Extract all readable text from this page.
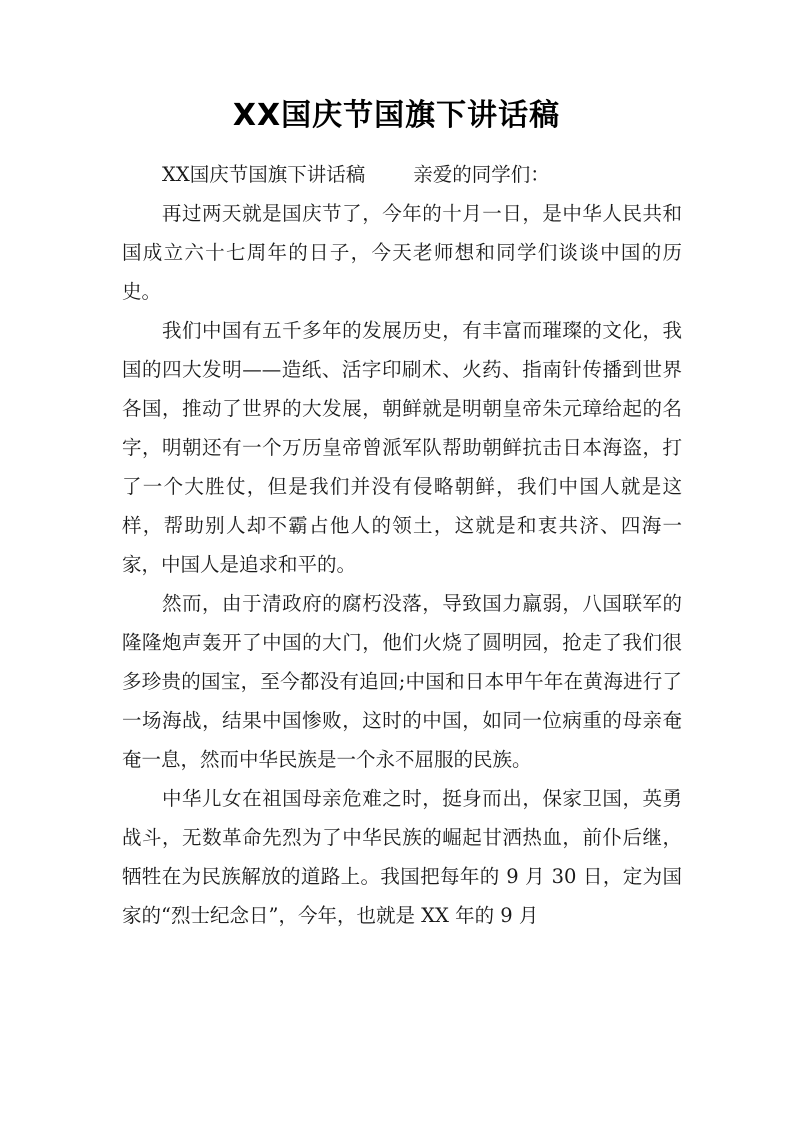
XX国庆节国旗下讲话稿

XX国庆节国旗下讲话稿 亲爱的同学们：

再过两天就是国庆节了，今年的十月一日，是中华人民共和国成立六十七周年的日子，今天老师想和同学们谈谈中国的历史。

我们中国有五千多年的发展历史，有丰富而璀璨的文化，我国的四大发明——造纸、活字印刷术、火药、指南针传播到世界各国，推动了世界的大发展，朝鲜就是明朝皇帝朱元璋给起的名字，明朝还有一个万历皇帝曾派军队帮助朝鲜抗击日本海盗，打了一个大胜仗，但是我们并没有侵略朝鲜，我们中国人就是这样，帮助别人却不霸占他人的领土，这就是和衷共济、四海一家，中国人是追求和平的。

然而，由于清政府的腐朽没落，导致国力羸弱，八国联军的隆隆炮声轰开了中国的大门，他们火烧了圆明园，抢走了我们很多珍贵的国宝，至今都没有追回;中国和日本甲午年在黄海进行了一场海战，结果中国惨败，这时的中国，如同一位病重的母亲奄奄一息，然而中华民族是一个永不屈服的民族。

中华儿女在祖国母亲危难之时，挺身而出，保家卫国，英勇战斗，无数革命先烈为了中华民族的崛起甘洒热血，前仆后继，牺牲在为民族解放的道路上。我国把每年的 9 月 30 日，定为国家的“烈士纪念日”，今年，也就是 XX 年的 9 月
